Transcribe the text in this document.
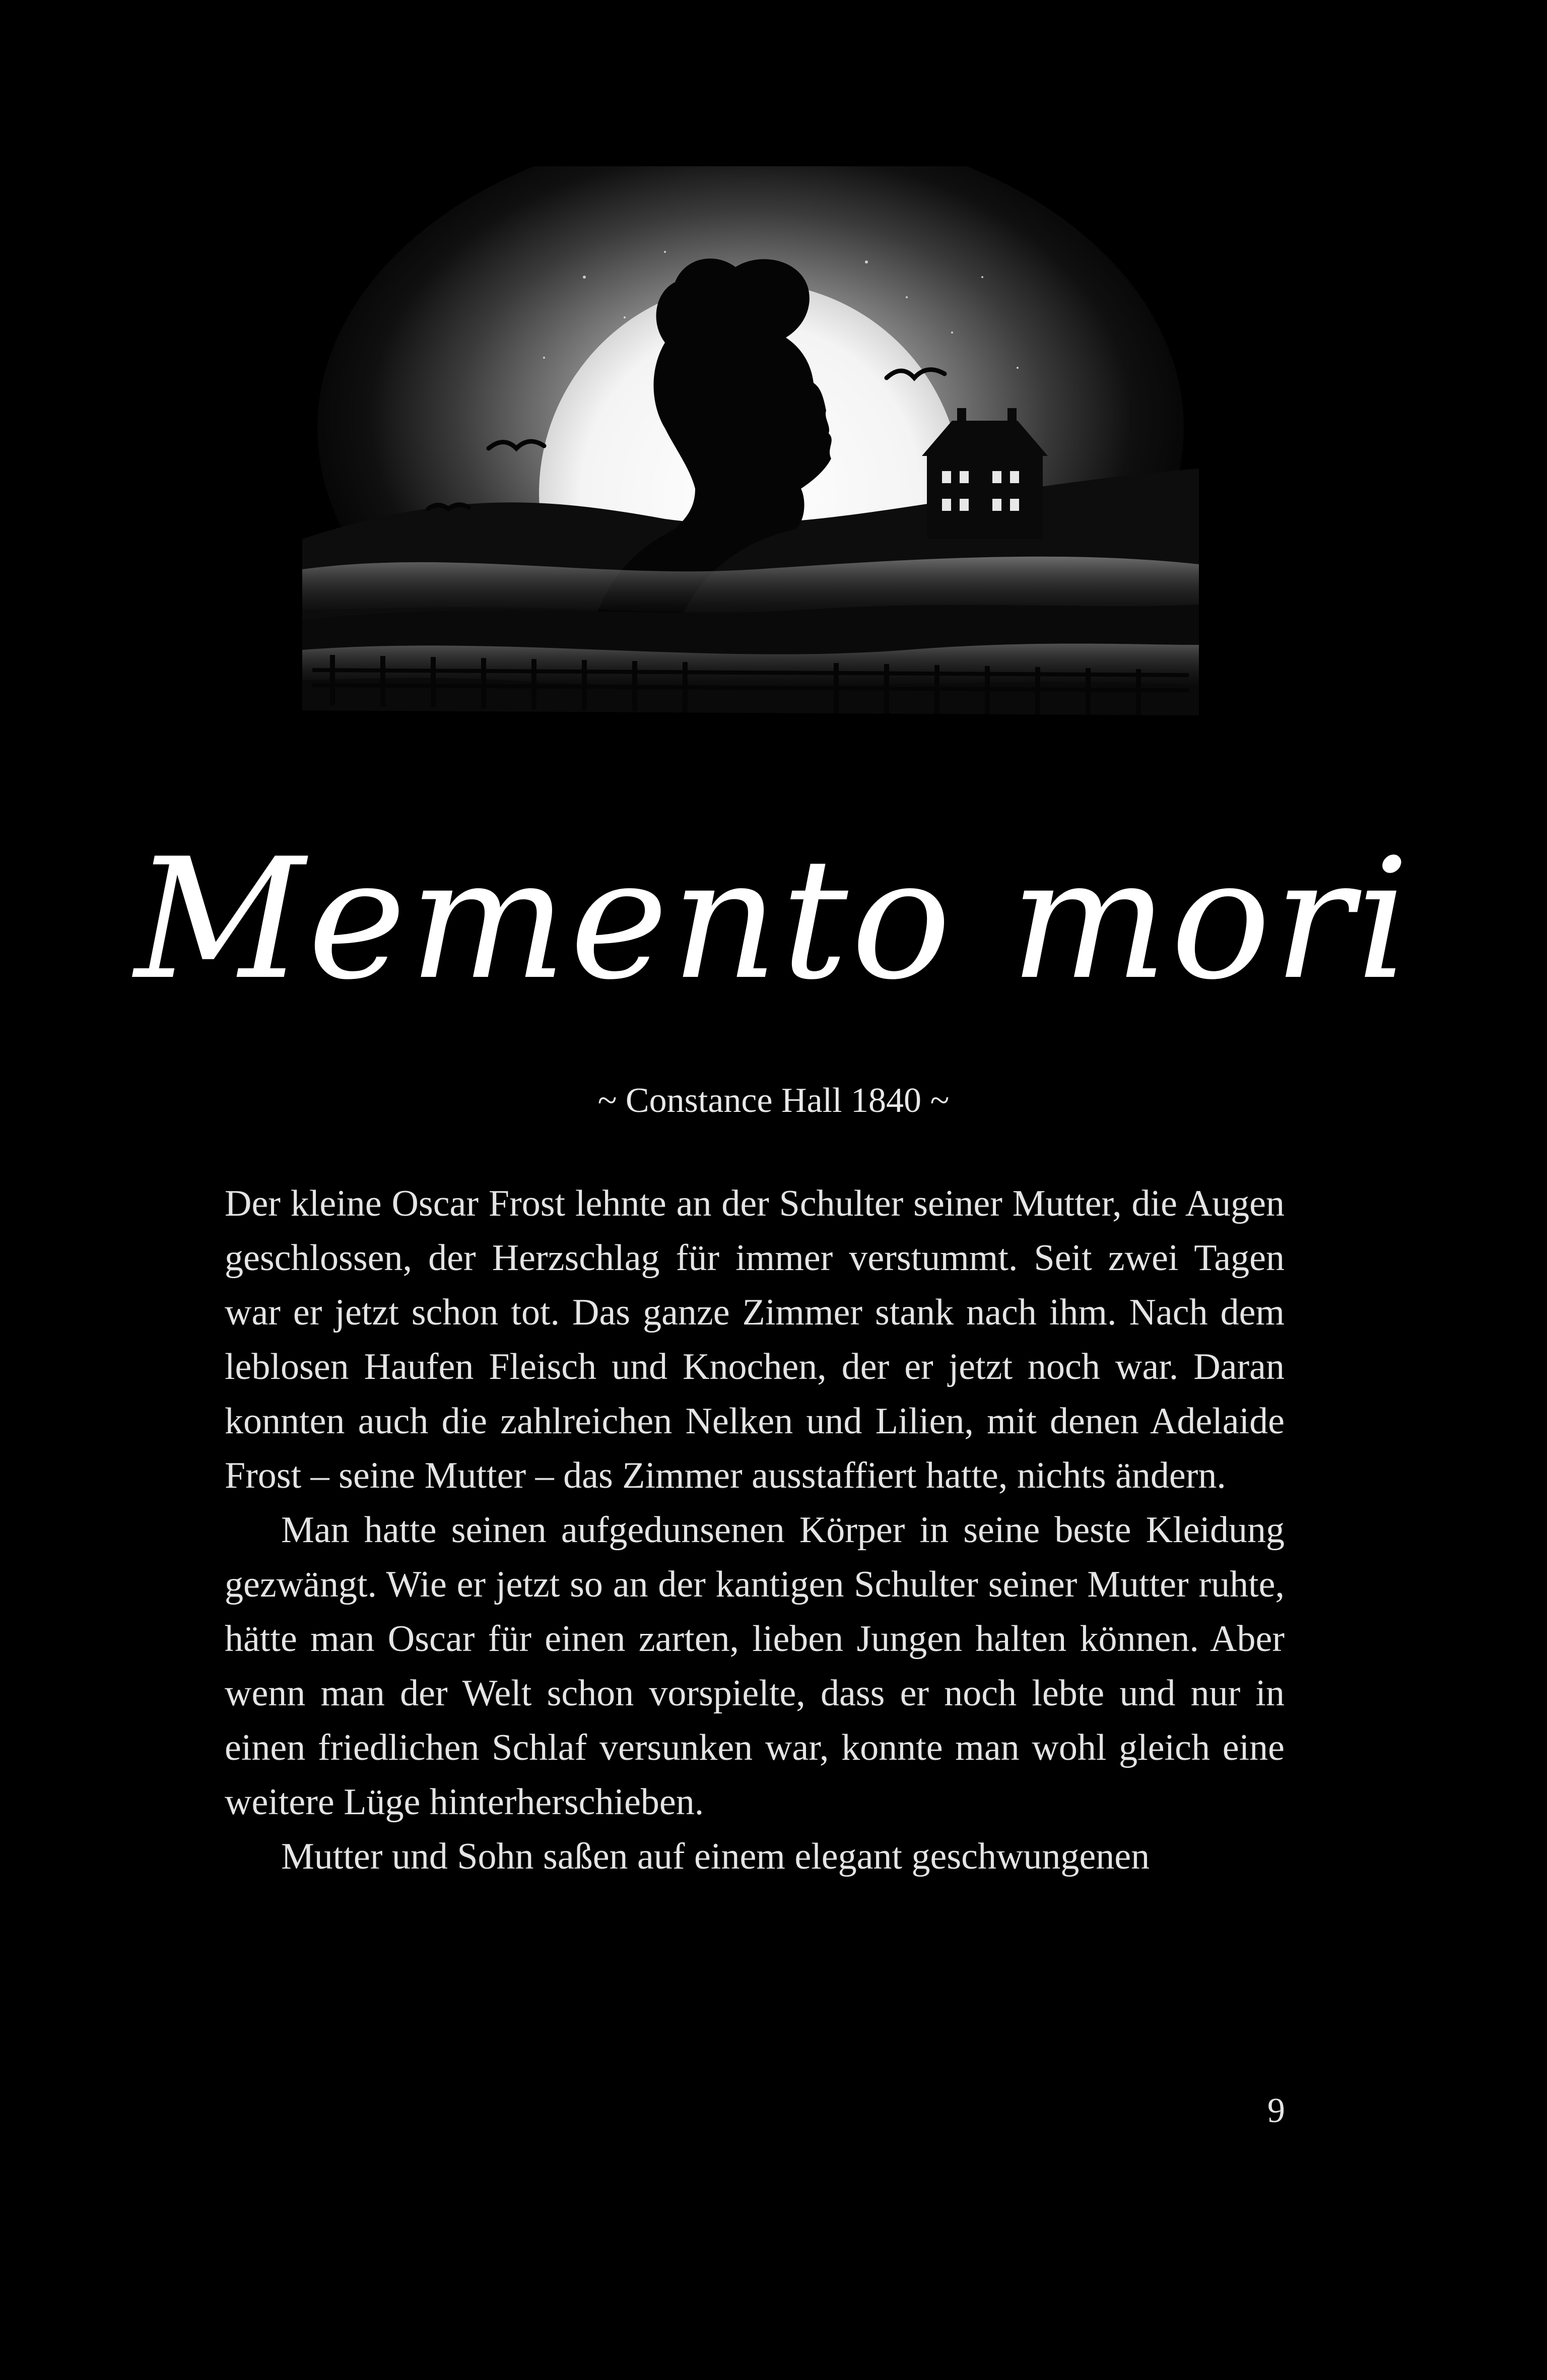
Memento mori
~ Constance Hall 1840 ~

Der kleine Oscar Frost lehnte an der Schulter seiner Mutter, die Augen geschlossen, der Herzschlag für immer verstummt. Seit zwei Tagen war er jetzt schon tot. Das ganze Zimmer stank nach ihm. Nach dem leblosen Haufen Fleisch und Knochen, der er jetzt noch war. Daran konnten auch die zahlreichen Nelken und Lilien, mit denen Adelaide Frost – seine Mutter – das Zimmer ausstaffiert hatte, nichts ändern.

Man hatte seinen aufgedunsenen Körper in seine beste Kleidung gezwängt. Wie er jetzt so an der kantigen Schulter seiner Mutter ruhte, hätte man Oscar für einen zarten, lieben Jungen halten können. Aber wenn man der Welt schon vorspielte, dass er noch lebte und nur in einen friedlichen Schlaf versunken war, konnte man wohl gleich eine weitere Lüge hinterherschieben.

Mutter und Sohn saßen auf einem elegant geschwungenen

9
